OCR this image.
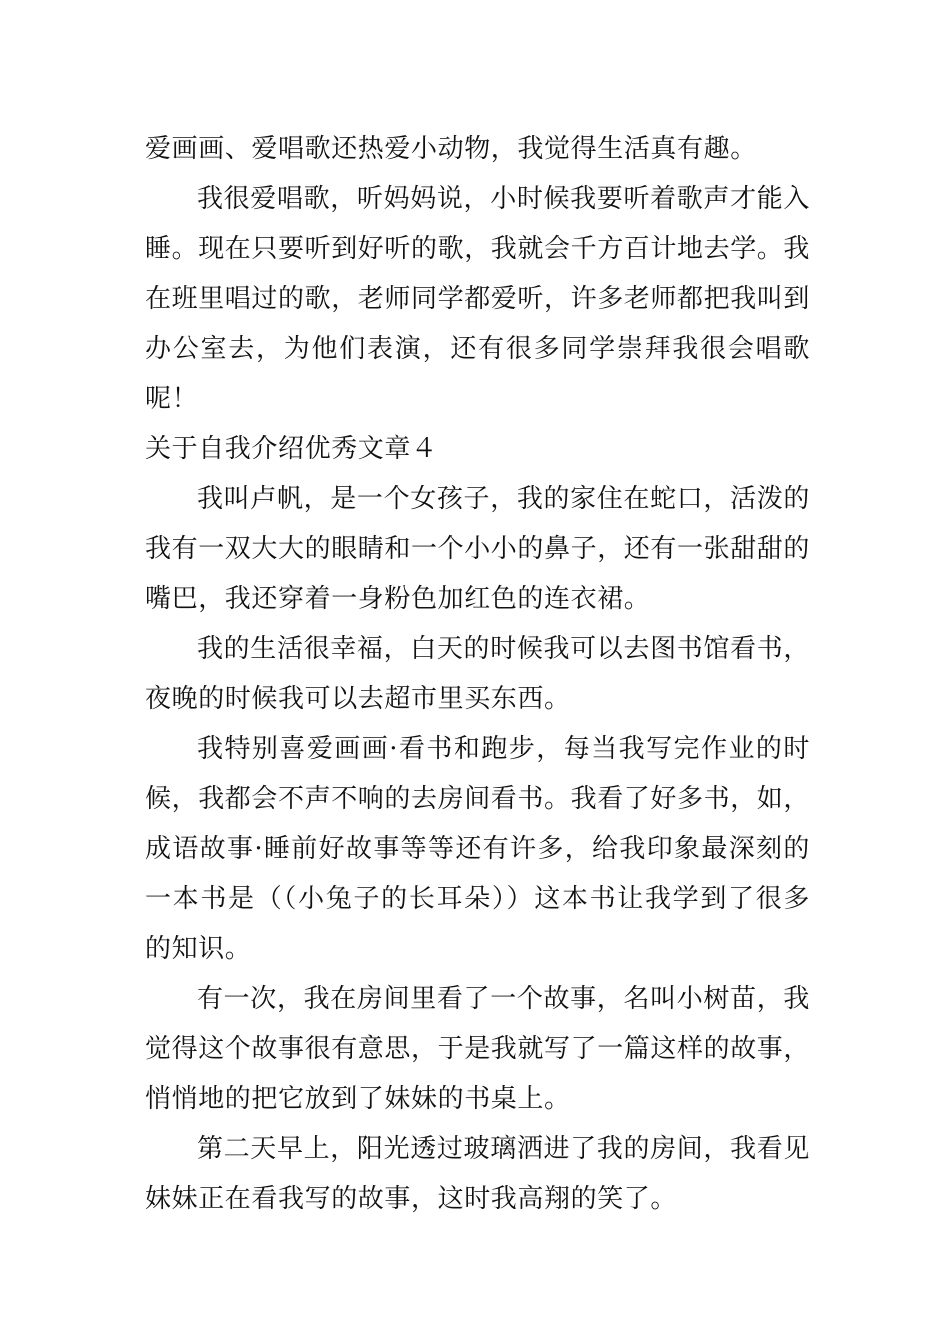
爱画画、爱唱歌还热爱小动物，我觉得生活真有趣。

我很爱唱歌，听妈妈说，小时候我要听着歌声才能入睡。现在只要听到好听的歌，我就会千方百计地去学。我在班里唱过的歌，老师同学都爱听，许多老师都把我叫到办公室去，为他们表演，还有很多同学崇拜我很会唱歌呢！

关于自我介绍优秀文章４

我叫卢帆，是一个女孩子，我的家住在蛇口，活泼的我有一双大大的眼睛和一个小小的鼻子，还有一张甜甜的嘴巴，我还穿着一身粉色加红色的连衣裙。

我的生活很幸福，白天的时候我可以去图书馆看书，夜晚的时候我可以去超市里买东西。

我特别喜爱画画·看书和跑步，每当我写完作业的时候，我都会不声不响的去房间看书。我看了好多书，如，成语故事·睡前好故事等等还有许多，给我印象最深刻的一本书是（（小兔子的长耳朵））这本书让我学到了很多的知识。

有一次，我在房间里看了一个故事，名叫小树苗，我觉得这个故事很有意思，于是我就写了一篇这样的故事，悄悄地的把它放到了妹妹的书桌上。

第二天早上，阳光透过玻璃洒进了我的房间，我看见妹妹正在看我写的故事，这时我高翔的笑了。
